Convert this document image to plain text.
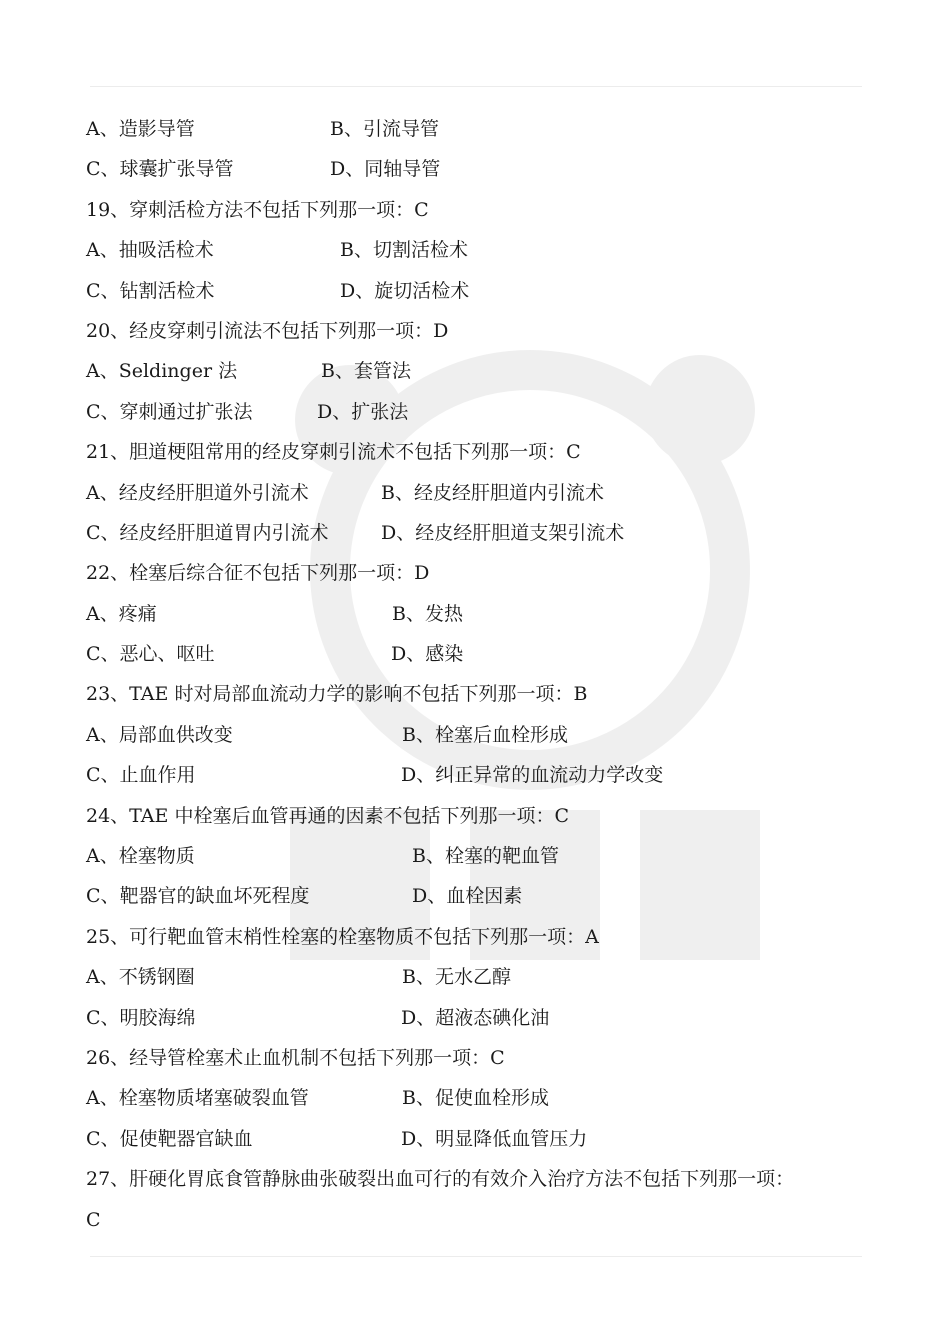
A、造影导管	B、引流导管
C、球囊扩张导管	D、同轴导管
19、穿刺活检方法不包括下列那一项：C
A、抽吸活检术	B、切割活检术
C、钻割活检术	D、旋切活检术
20、经皮穿刺引流法不包括下列那一项：D
A、Seldinger 法	B、套管法
C、穿刺通过扩张法	D、扩张法
21、胆道梗阻常用的经皮穿刺引流术不包括下列那一项：C
A、经皮经肝胆道外引流术	B、经皮经肝胆道内引流术
C、经皮经肝胆道胃内引流术	D、经皮经肝胆道支架引流术
22、栓塞后综合征不包括下列那一项：D
A、疼痛	B、发热
C、恶心、呕吐	D、感染
23、TAE 时对局部血流动力学的影响不包括下列那一项：B
A、局部血供改变	B、栓塞后血栓形成
C、止血作用	D、纠正异常的血流动力学改变
24、TAE 中栓塞后血管再通的因素不包括下列那一项：C
A、栓塞物质	B、栓塞的靶血管
C、靶器官的缺血坏死程度	D、血栓因素
25、可行靶血管末梢性栓塞的栓塞物质不包括下列那一项：A
A、不锈钢圈	B、无水乙醇
C、明胶海绵	D、超液态碘化油
26、经导管栓塞术止血机制不包括下列那一项：C
A、栓塞物质堵塞破裂血管	B、促使血栓形成
C、促使靶器官缺血	D、明显降低血管压力
27、肝硬化胃底食管静脉曲张破裂出血可行的有效介入治疗方法不包括下列那一项：
C
